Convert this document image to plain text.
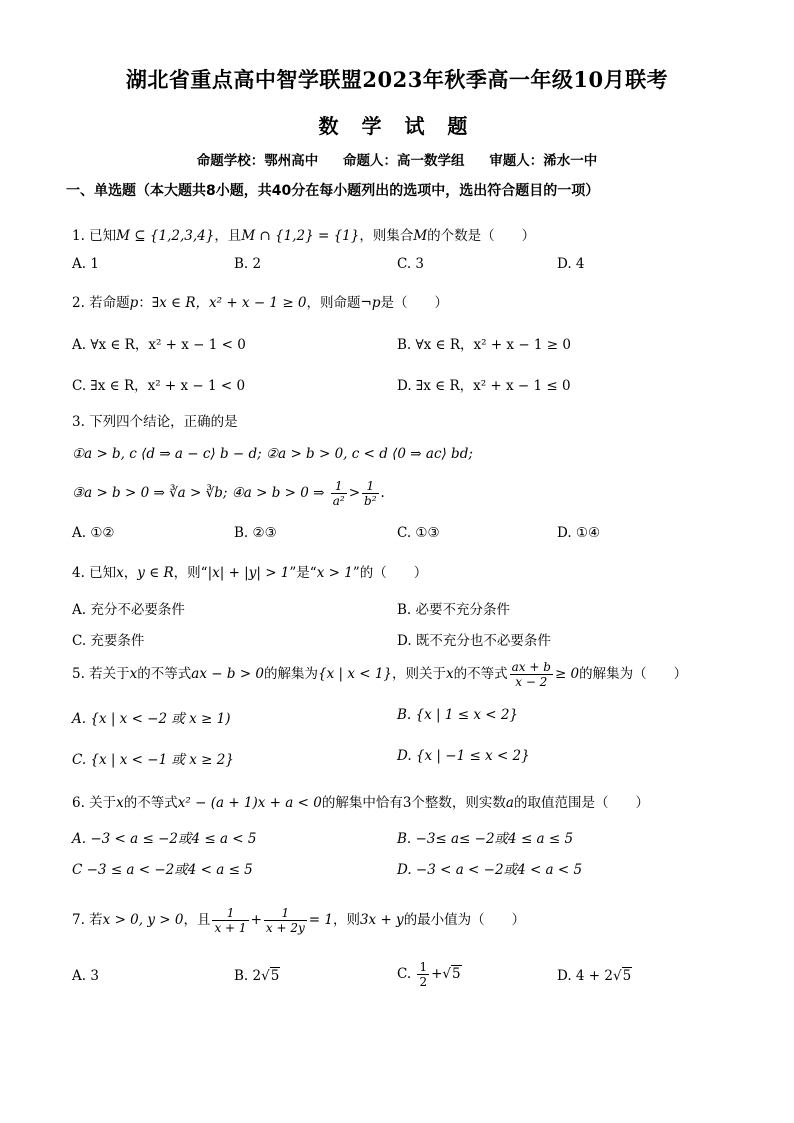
湖北省重点高中智学联盟2023年秋季高一年级10月联考
数 学 试 题
命题学校：鄂州高中 命题人：高一数学组 审题人：浠水一中
一、单选题（本大题共8小题，共40分在每小题列出的选项中，选出符合题目的一项）
1. 已知M ⊆ {1,2,3,4}，且M ∩ {1,2} = {1}，则集合M的个数是（　　）
A. 1	B. 2	C. 3	D. 4
2. 若命题p：∃x ∈ R，x² + x − 1 ≥ 0，则命题¬p是（　　）
A. ∀x ∈ R，x² + x − 1 < 0	B. ∀x ∈ R，x² + x − 1 ≥ 0
C. ∃x ∈ R，x² + x − 1 < 0	D. ∃x ∈ R，x² + x − 1 ≤ 0
3. 下列四个结论，正确的是
①a > b, c ⟨d ⇒ a − c⟩ b − d; ②a > b > 0, c < d ⟨0 ⇒ ac⟩ bd;
③a > b > 0 ⇒ ∛a > ∛b; ④a > b > 0 ⇒ $\frac{1}{\text{a²}} > \frac{1}{\text{b²}}$ .
A. ①②	B. ②③	C. ①③	D. ①④
4. 已知x，y ∈ R，则“|x| + |y| > 1”是“x > 1”的（　　）
A. 充分不必要条件	B. 必要不充分条件
C. 充要条件	D. 既不充分也不必要条件
5. 若关于x的不等式ax − b > 0的解集为{x | x < 1}，则关于x的不等式 $\frac{ax + b}{x - 2} \ge 0$的解集为（　　）
A. {x | x < −2 或 x ≥ 1)	B. {x | 1 ≤ x < 2}
C. {x | x < −1 或 x ≥ 2}	D. {x | −1 ≤ x < 2}
6. 关于x的不等式x² − (a + 1)x + a < 0的解集中恰有3个整数，则实数a的取值范围是（　　）
A. −3 < a ≤ −2或4 ≤ a < 5	B. −3≤ a≤ −2或4 ≤ a ≤ 5
C −3 ≤ a < −2或4 < a ≤ 5	D. −3 < a < −2或4 < a < 5
7. 若x > 0, y > 0，且 $\frac{1}{x + 1} + \frac{1}{x + 2y} = 1$，则3x + y的最小值为（　　）
A. 3	B. 2√5	C. $\frac{1}{2} +√5$	D. 4 + 2√5
